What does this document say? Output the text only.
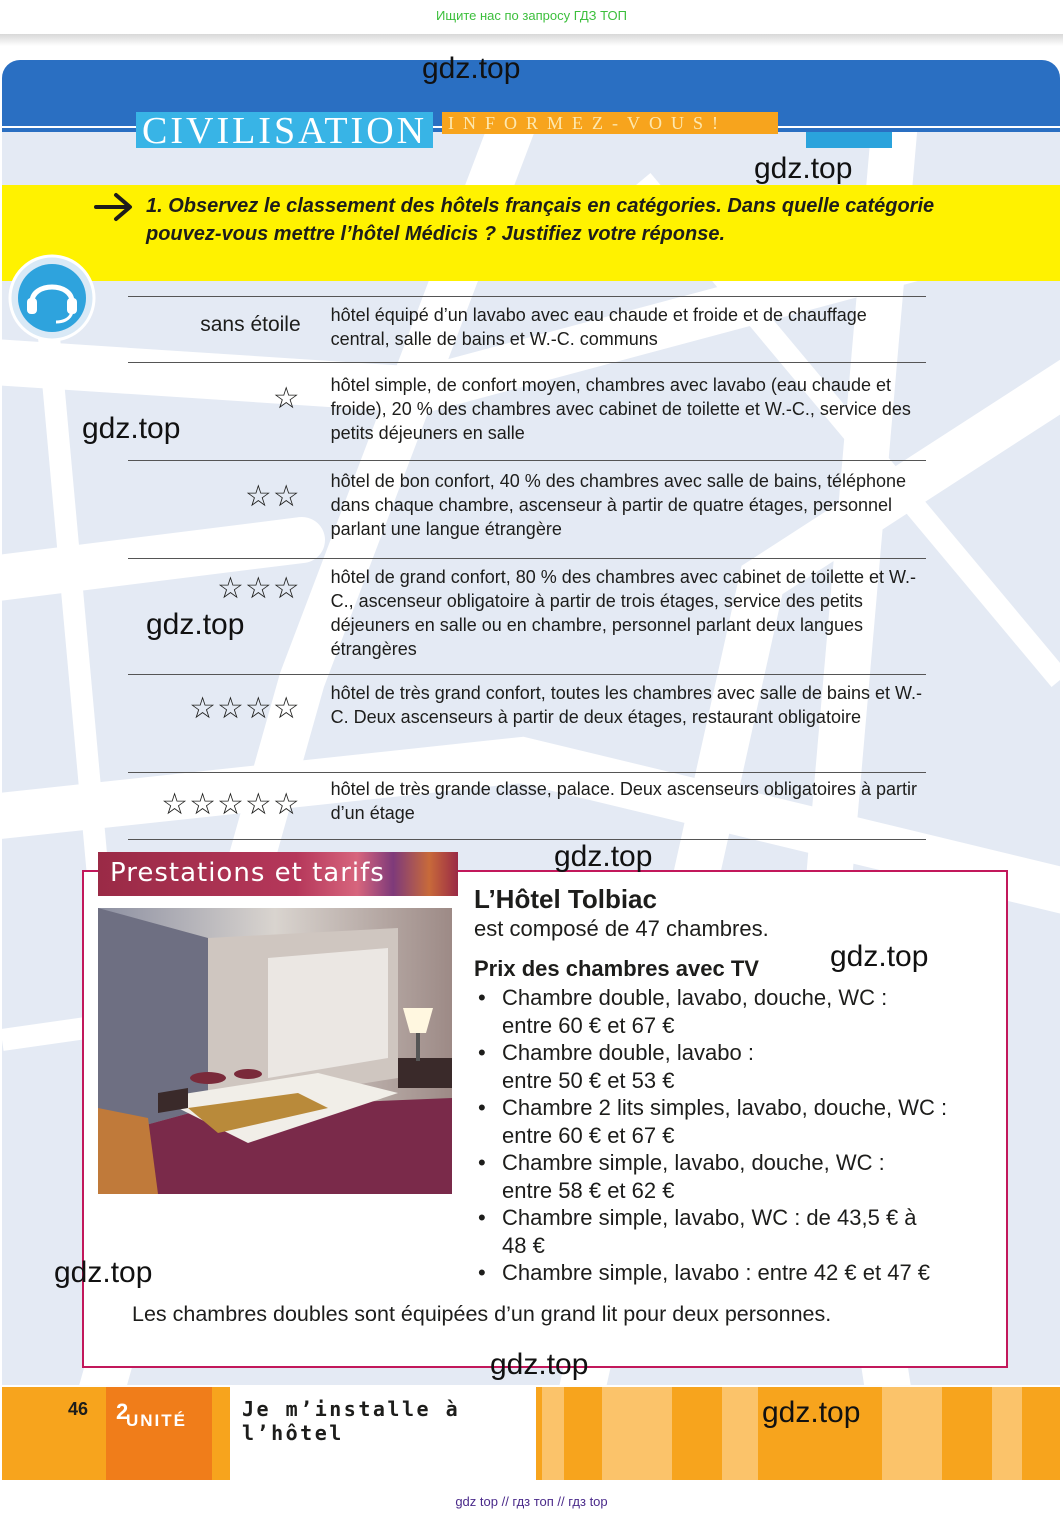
Ищите нас по запросу ГДЗ ТОП
CIVILISATION	INFORMEZ-VOUS!
1. Observez le classement des hôtels français en catégories. Dans quelle catégorie pouvez-vous mettre l’hôtel Médicis ? Justifiez votre réponse.
sans étoile hôtel équipé d’un lavabo avec eau chaude et froide et de chauffage central, salle de bains et W.-C. communs
☆ hôtel simple, de confort moyen, chambres avec lavabo (eau chaude et froide), 20 % des chambres avec cabinet de toilette et W.-C., service des petits déjeuners en salle
☆☆ hôtel de bon confort, 40 % des chambres avec salle de bains, téléphone dans chaque chambre, ascenseur à partir de quatre étages, personnel parlant une langue étrangère
☆☆☆ hôtel de grand confort, 80 % des chambres avec cabinet de toilette et W.-C., ascenseur obligatoire à partir de trois étages, service des petits déjeuners en salle ou en chambre, personnel parlant deux langues étrangères
☆☆☆☆ hôtel de très grand confort, toutes les chambres avec salle de bains et W.-C. Deux ascenseurs à partir de deux étages, restaurant obligatoire
☆☆☆☆☆ hôtel de très grande classe, palace. Deux ascenseurs obligatoires à partir d’un étage
Prestations et tarifs
L’Hôtel Tolbiac
est composé de 47 chambres.
Prix des chambres avec TV
• Chambre double, lavabo, douche, WC :
entre 60 € et 67 €
• Chambre double, lavabo :
entre 50 € et 53 €
• Chambre 2 lits simples, lavabo, douche, WC :
entre 60 € et 67 €
• Chambre simple, lavabo, douche, WC :
entre 58 € et 62 €
• Chambre simple, lavabo, WC : de 43,5 € à
48 €
• Chambre simple, lavabo : entre 42 € et 47 €
Les chambres doubles sont équipées d’un grand lit pour deux personnes.
46
UNITÉ
2	Je m’installe à l’hôtel
gdz.top
gdz.top
gdz.top
gdz.top
gdz.top
gdz.top
gdz.top
gdz.top
gdz.top
gdz top // гдз топ // гдз top
